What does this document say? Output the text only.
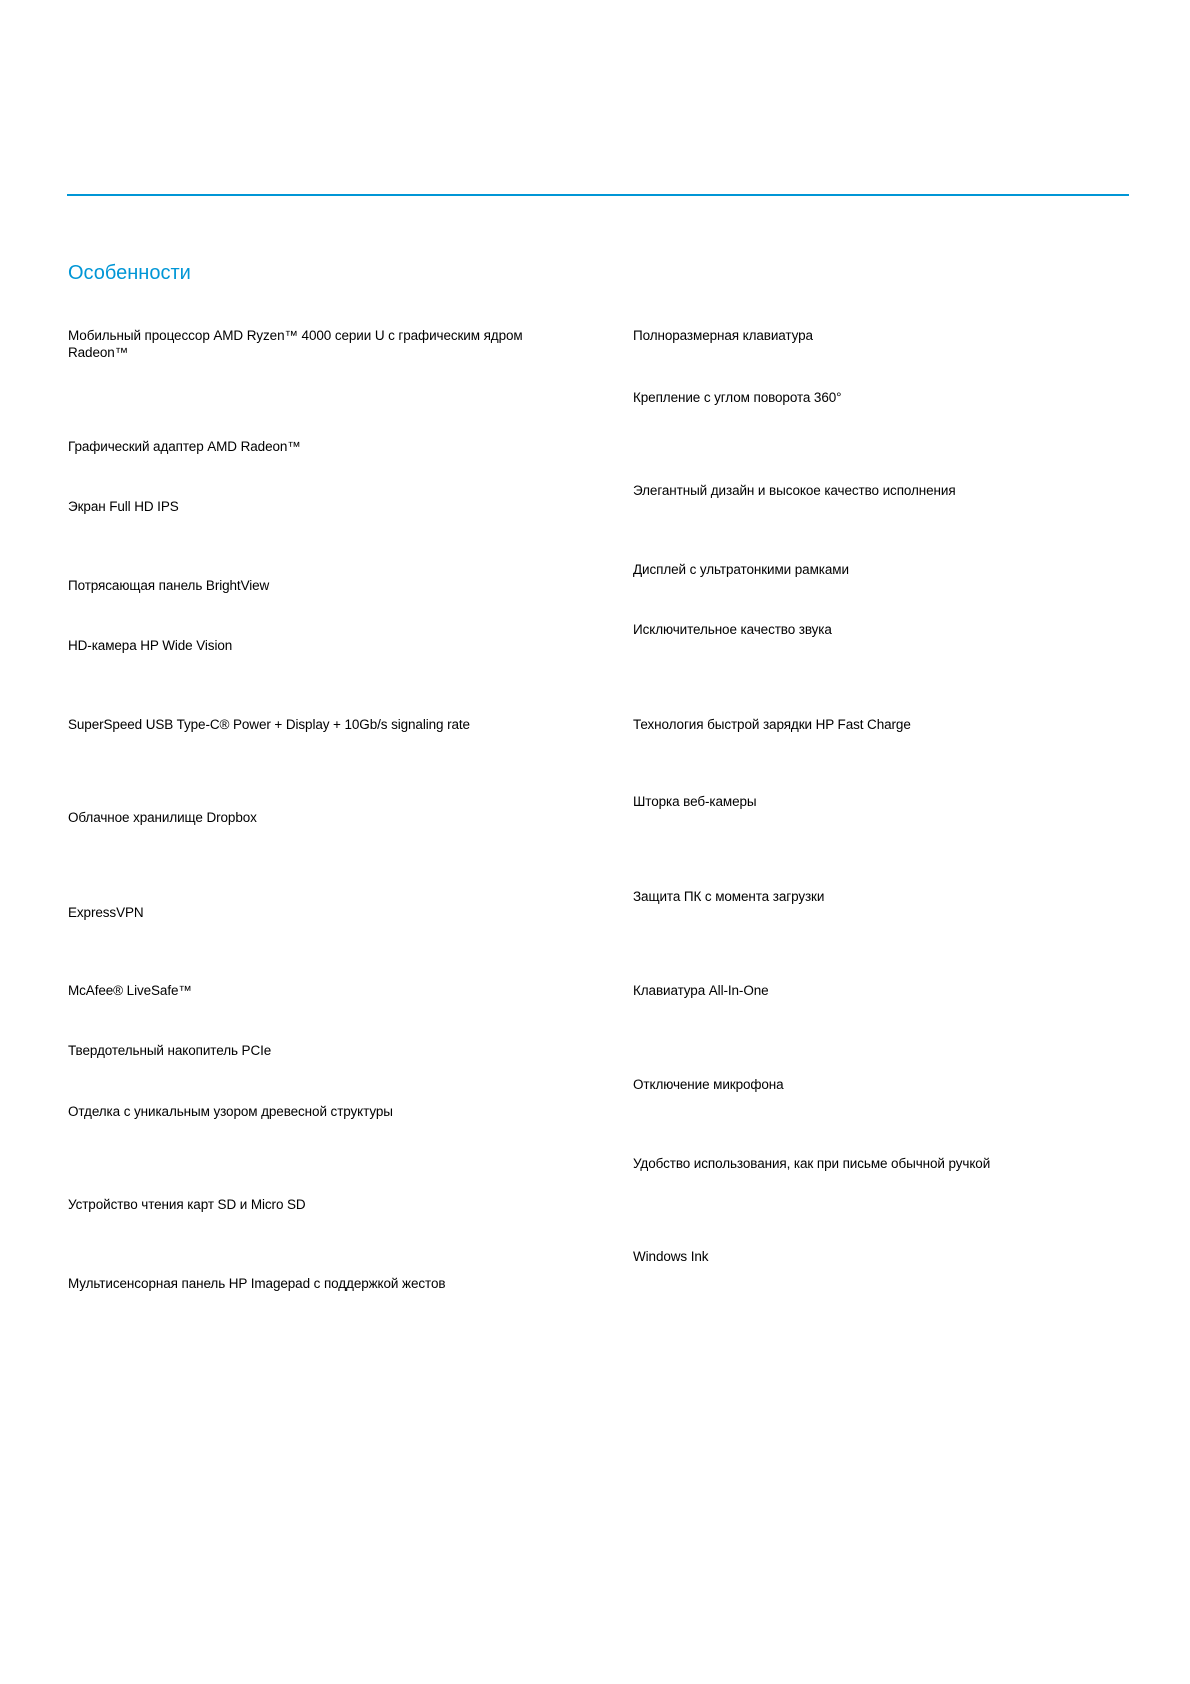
Особенности

Мобильный процессор AMD Ryzen™ 4000 серии U с графическим ядром Radeon™

Графический адаптер AMD Radeon™

Экран Full HD IPS

Потрясающая панель BrightView

HD-камера HP Wide Vision

SuperSpeed USB Type-C® Power + Display + 10Gb/s signaling rate

Облачное хранилище Dropbox

ExpressVPN

McAfee® LiveSafe™

Твердотельный накопитель PCIe

Отделка с уникальным узором древесной структуры

Устройство чтения карт SD и Micro SD

Мультисенсорная панель HP Imagepad с поддержкой жестов

Полноразмерная клавиатура

Крепление с углом поворота 360°

Элегантный дизайн и высокое качество исполнения

Дисплей с ультратонкими рамками

Исключительное качество звука

Технология быстрой зарядки HP Fast Charge

Шторка веб-камеры

Защита ПК с момента загрузки

Клавиатура All-In-One

Отключение микрофона

Удобство использования, как при письме обычной ручкой

Windows Ink
